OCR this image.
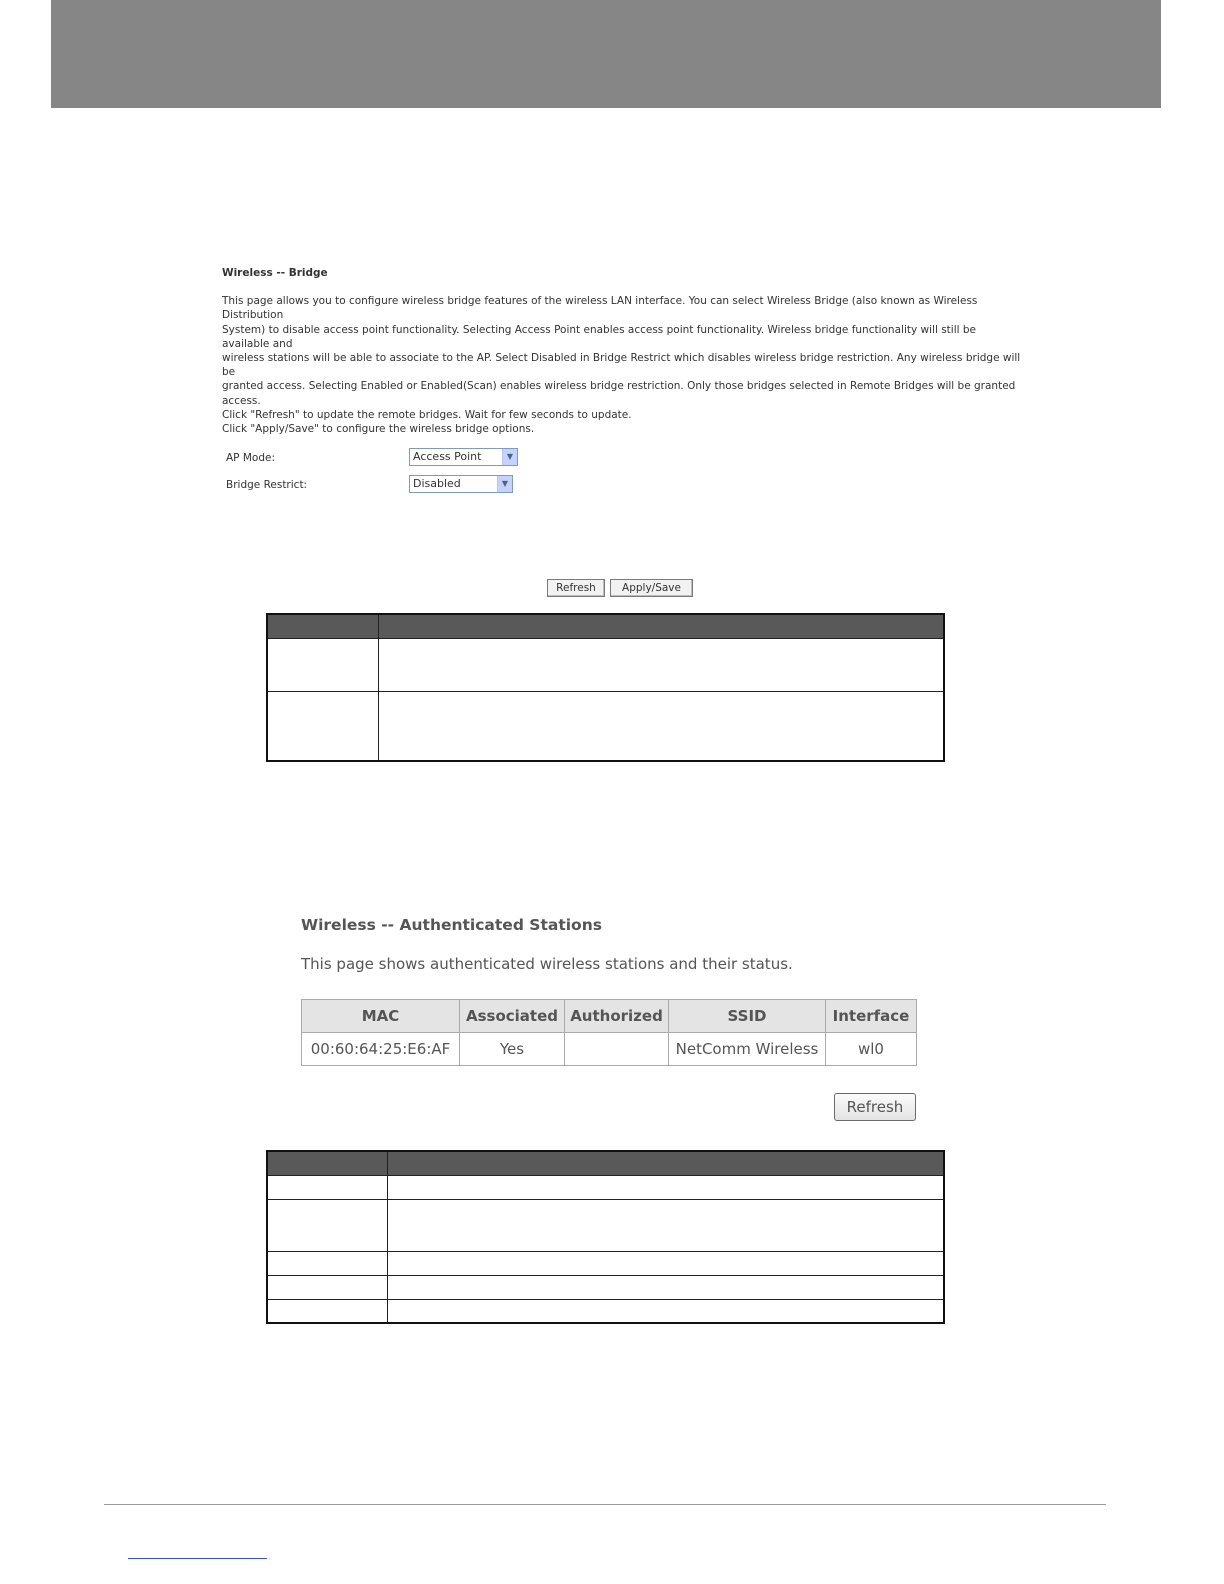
Wireless -- Bridge

This page allows you to configure wireless bridge features of the wireless LAN interface. You can select Wireless Bridge (also known as Wireless Distribution
System) to disable access point functionality. Selecting Access Point enables access point functionality. Wireless bridge functionality will still be available and
wireless stations will be able to associate to the AP. Select Disabled in Bridge Restrict which disables wireless bridge restriction. Any wireless bridge will be
granted access. Selecting Enabled or Enabled(Scan) enables wireless bridge restriction. Only those bridges selected in Remote Bridges will be granted
access.
Click "Refresh" to update the remote bridges. Wait for few seconds to update.
Click "Apply/Save" to configure the wireless bridge options.

AP Mode:	Access Point	▼
Bridge Restrict:	Disabled	▼
Refresh	Apply/Save

Wireless -- Authenticated Stations

This page shows authenticated wireless stations and their status.

MAC	Associated	Authorized	SSID	Interface
00:60:64:25:E6:AF	Yes		NetComm Wireless	wl0
Refresh
